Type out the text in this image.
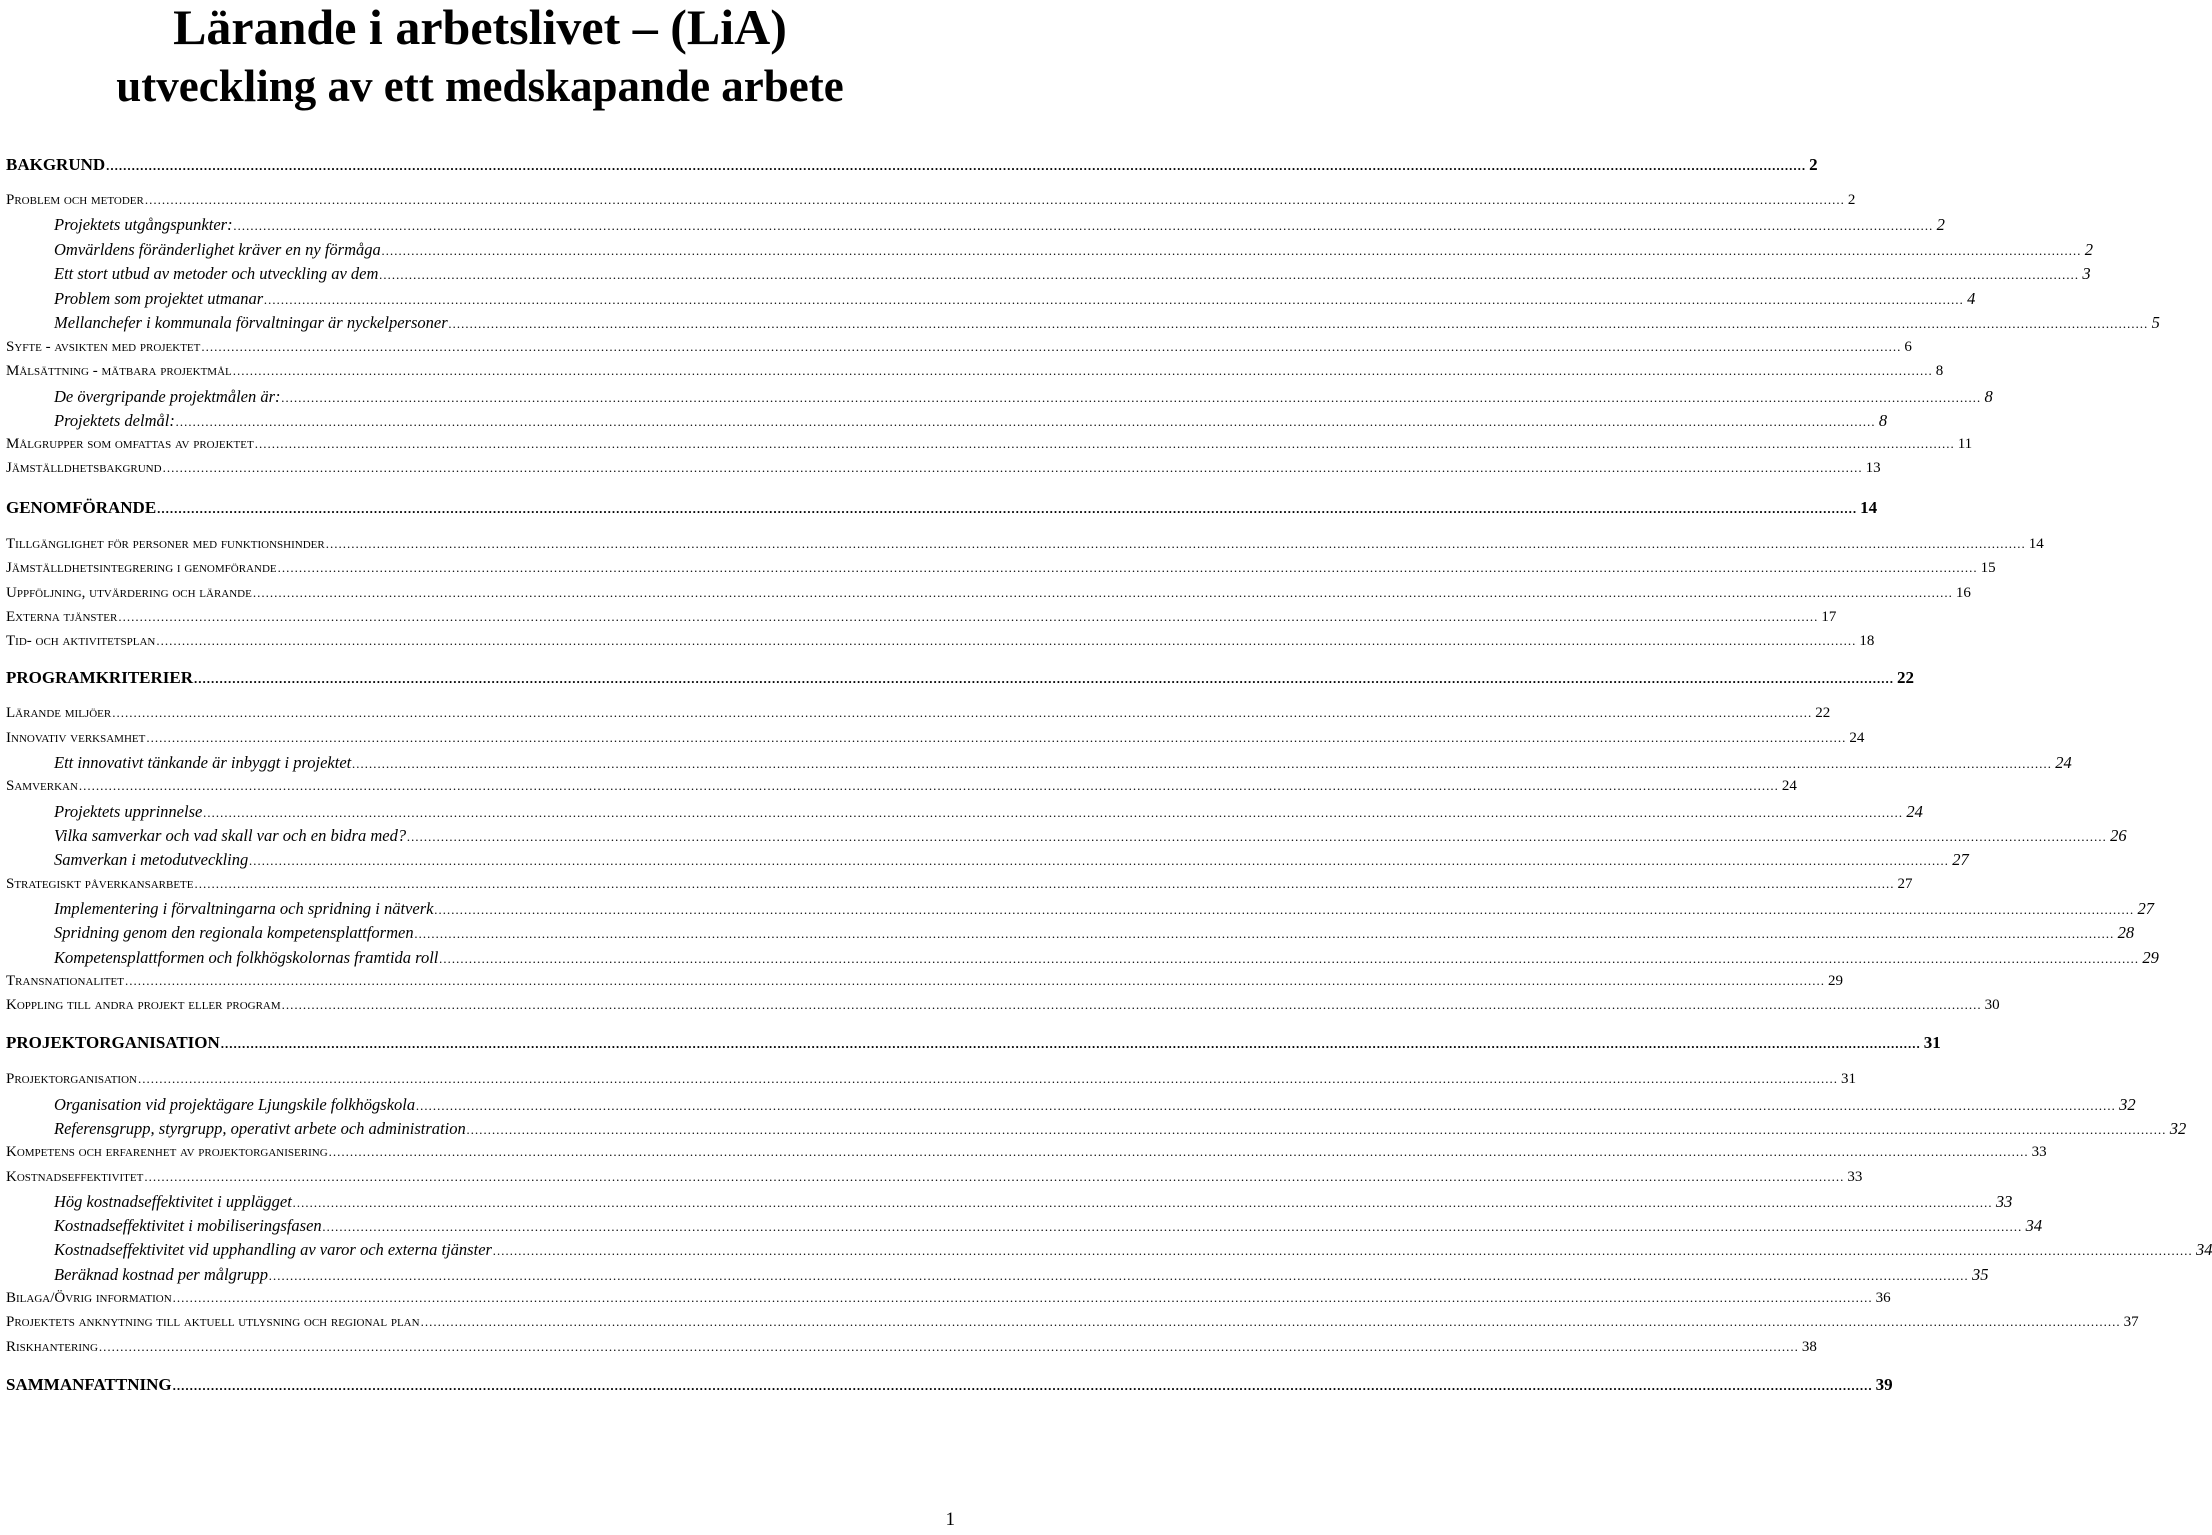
Lärande i arbetslivet – (LiA)
utveckling av ett medskapande arbete
BAKGRUND ................................................................................................................................................................................................................................................................................................................................................................................................................ 2
Problem och metoder ................................................................................................................................................................................................................................................................................................................................................................................................................ 2
Projektets utgångspunkter: ................................................................................................................................................................................................................................................................................................................................................................................................................ 2
Omvärldens föränderlighet kräver en ny förmåga ................................................................................................................................................................................................................................................................................................................................................................................................................ 2
Ett stort utbud av metoder och utveckling av dem ................................................................................................................................................................................................................................................................................................................................................................................................................ 3
Problem som projektet utmanar ................................................................................................................................................................................................................................................................................................................................................................................................................ 4
Mellanchefer i kommunala förvaltningar är nyckelpersoner ................................................................................................................................................................................................................................................................................................................................................................................................................ 5
Syfte - avsikten med projektet ................................................................................................................................................................................................................................................................................................................................................................................................................ 6
Målsättning - mätbara projektmål ................................................................................................................................................................................................................................................................................................................................................................................................................ 8
De övergripande projektmålen är: ................................................................................................................................................................................................................................................................................................................................................................................................................ 8
Projektets delmål: ................................................................................................................................................................................................................................................................................................................................................................................................................ 8
Målgrupper som omfattas av projektet ................................................................................................................................................................................................................................................................................................................................................................................................................ 11
Jämställdhetsbakgrund ................................................................................................................................................................................................................................................................................................................................................................................................................ 13
GENOMFÖRANDE ................................................................................................................................................................................................................................................................................................................................................................................................................ 14
Tillgänglighet för personer med funktionshinder ................................................................................................................................................................................................................................................................................................................................................................................................................ 14
Jämställdhetsintegrering i genomförande ................................................................................................................................................................................................................................................................................................................................................................................................................ 15
Uppföljning, utvärdering och lärande ................................................................................................................................................................................................................................................................................................................................................................................................................ 16
Externa tjänster ................................................................................................................................................................................................................................................................................................................................................................................................................ 17
Tid- och aktivitetsplan ................................................................................................................................................................................................................................................................................................................................................................................................................ 18
PROGRAMKRITERIER ................................................................................................................................................................................................................................................................................................................................................................................................................ 22
Lärande miljöer ................................................................................................................................................................................................................................................................................................................................................................................................................ 22
Innovativ verksamhet ................................................................................................................................................................................................................................................................................................................................................................................................................ 24
Ett innovativt tänkande är inbyggt i projektet ................................................................................................................................................................................................................................................................................................................................................................................................................ 24
Samverkan ................................................................................................................................................................................................................................................................................................................................................................................................................ 24
Projektets upprinnelse ................................................................................................................................................................................................................................................................................................................................................................................................................ 24
Vilka samverkar och vad skall var och en bidra med? ................................................................................................................................................................................................................................................................................................................................................................................................................ 26
Samverkan i metodutveckling ................................................................................................................................................................................................................................................................................................................................................................................................................ 27
Strategiskt påverkansarbete ................................................................................................................................................................................................................................................................................................................................................................................................................ 27
Implementering i förvaltningarna och spridning i nätverk ................................................................................................................................................................................................................................................................................................................................................................................................................ 27
Spridning genom den regionala kompetensplattformen ................................................................................................................................................................................................................................................................................................................................................................................................................ 28
Kompetensplattformen och folkhögskolornas framtida roll ................................................................................................................................................................................................................................................................................................................................................................................................................ 29
Transnationalitet ................................................................................................................................................................................................................................................................................................................................................................................................................ 29
Koppling till andra projekt eller program ................................................................................................................................................................................................................................................................................................................................................................................................................ 30
PROJEKTORGANISATION ................................................................................................................................................................................................................................................................................................................................................................................................................ 31
Projektorganisation ................................................................................................................................................................................................................................................................................................................................................................................................................ 31
Organisation vid projektägare Ljungskile folkhögskola ................................................................................................................................................................................................................................................................................................................................................................................................................ 32
Referensgrupp, styrgrupp, operativt arbete och administration ................................................................................................................................................................................................................................................................................................................................................................................................................ 32
Kompetens och erfarenhet av projektorganisering ................................................................................................................................................................................................................................................................................................................................................................................................................ 33
Kostnadseffektivitet ................................................................................................................................................................................................................................................................................................................................................................................................................ 33
Hög kostnadseffektivitet i upplägget ................................................................................................................................................................................................................................................................................................................................................................................................................ 33
Kostnadseffektivitet i mobiliseringsfasen ................................................................................................................................................................................................................................................................................................................................................................................................................ 34
Kostnadseffektivitet vid upphandling av varor och externa tjänster ................................................................................................................................................................................................................................................................................................................................................................................................................ 34
Beräknad kostnad per målgrupp ................................................................................................................................................................................................................................................................................................................................................................................................................ 35
Bilaga/Övrig information ................................................................................................................................................................................................................................................................................................................................................................................................................ 36
Projektets anknytning till aktuell utlysning och regional plan ................................................................................................................................................................................................................................................................................................................................................................................................................ 37
Riskhantering ................................................................................................................................................................................................................................................................................................................................................................................................................ 38
SAMMANFATTNING ................................................................................................................................................................................................................................................................................................................................................................................................................ 39
1
